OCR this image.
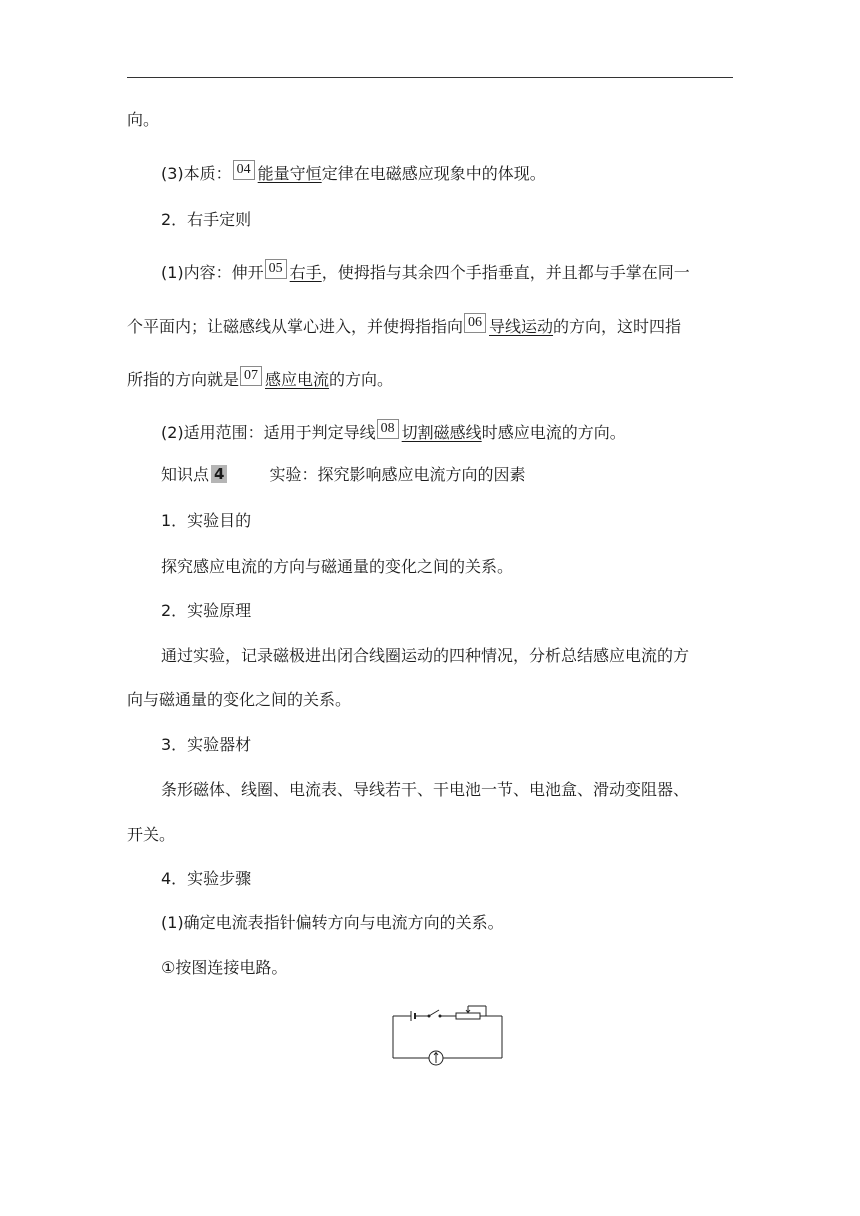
向。
(3)本质： 04 能量守恒定律在电磁感应现象中的体现。
2．右手定则
(1)内容：伸开 05 右手，使拇指与其余四个手指垂直，并且都与手掌在同一
个平面内；让磁感线从掌心进入，并使拇指指向 06 导线运动的方向，这时四指
所指的方向就是 07 感应电流的方向。
(2)适用范围：适用于判定导线 08 切割磁感线时感应电流的方向。
知识点 4	实验：探究影响感应电流方向的因素
1．实验目的
探究感应电流的方向与磁通量的变化之间的关系。
2．实验原理
通过实验，记录磁极进出闭合线圈运动的四种情况，分析总结感应电流的方
向与磁通量的变化之间的关系。
3．实验器材
条形磁体、线圈、电流表、导线若干、干电池一节、电池盒、滑动变阻器、
开关。
4．实验步骤
(1)确定电流表指针偏转方向与电流方向的关系。
①按图连接电路。
